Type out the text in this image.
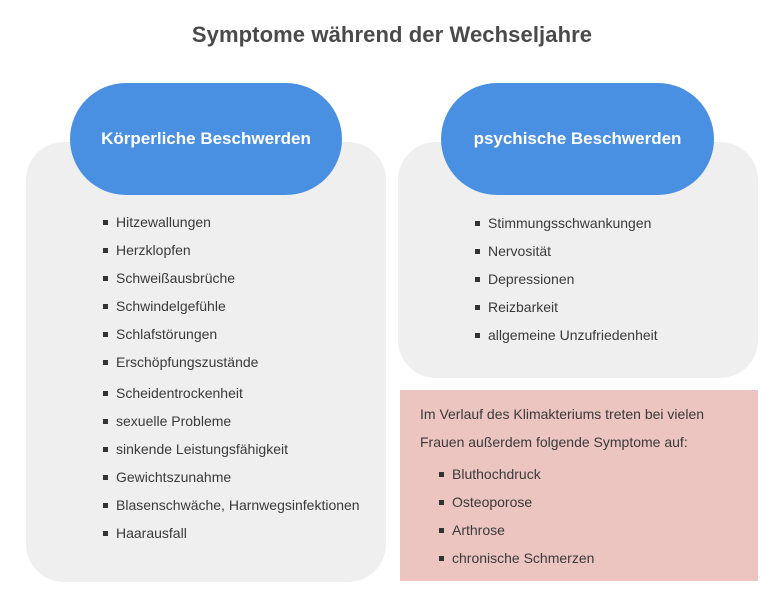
Symptome während der Wechseljahre
Körperliche Beschwerden
Hitzewallungen
Herzklopfen
Schweißausbrüche
Schwindelgefühle
Schlafstörungen
Erschöpfungszustände
Scheidentrockenheit
sexuelle Probleme
sinkende Leistungsfähigkeit
Gewichtszunahme
Blasenschwäche, Harnwegsinfektionen
Haarausfall
psychische Beschwerden
Stimmungsschwankungen
Nervosität
Depressionen
Reizbarkeit
allgemeine Unzufriedenheit
Im Verlauf des Klimakteriums treten bei vielen
Frauen außerdem folgende Symptome auf:
Bluthochdruck
Osteoporose
Arthrose
chronische Schmerzen
